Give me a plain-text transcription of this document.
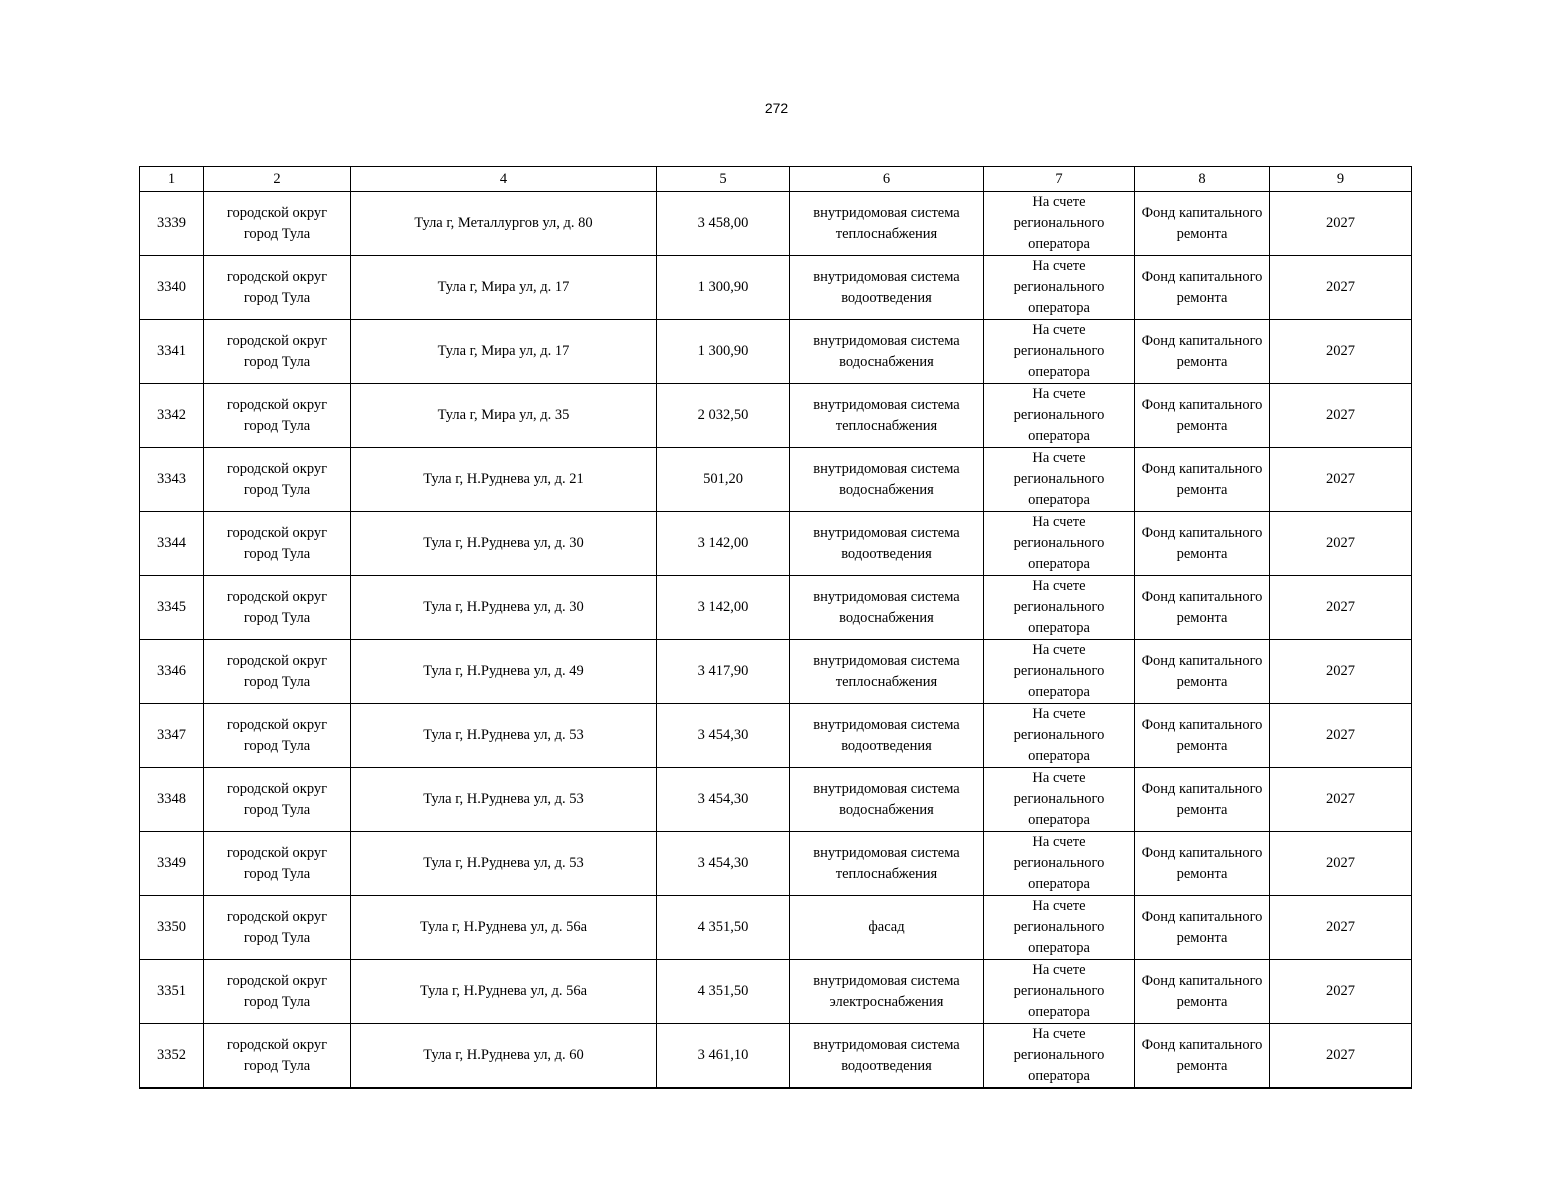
272
1	2	4	5	6	7	8	9
3339	городской округ город Тула	Тула г, Металлургов ул, д. 80	3 458,00	внутридомовая система теплоснабжения	На счете регионального оператора	Фонд капитального ремонта	2027
3340	городской округ город Тула	Тула г, Мира ул, д. 17	1 300,90	внутридомовая система водоотведения	На счете регионального оператора	Фонд капитального ремонта	2027
3341	городской округ город Тула	Тула г, Мира ул, д. 17	1 300,90	внутридомовая система водоснабжения	На счете регионального оператора	Фонд капитального ремонта	2027
3342	городской округ город Тула	Тула г, Мира ул, д. 35	2 032,50	внутридомовая система теплоснабжения	На счете регионального оператора	Фонд капитального ремонта	2027
3343	городской округ город Тула	Тула г, Н.Руднева ул, д. 21	501,20	внутридомовая система водоснабжения	На счете регионального оператора	Фонд капитального ремонта	2027
3344	городской округ город Тула	Тула г, Н.Руднева ул, д. 30	3 142,00	внутридомовая система водоотведения	На счете регионального оператора	Фонд капитального ремонта	2027
3345	городской округ город Тула	Тула г, Н.Руднева ул, д. 30	3 142,00	внутридомовая система водоснабжения	На счете регионального оператора	Фонд капитального ремонта	2027
3346	городской округ город Тула	Тула г, Н.Руднева ул, д. 49	3 417,90	внутридомовая система теплоснабжения	На счете регионального оператора	Фонд капитального ремонта	2027
3347	городской округ город Тула	Тула г, Н.Руднева ул, д. 53	3 454,30	внутридомовая система водоотведения	На счете регионального оператора	Фонд капитального ремонта	2027
3348	городской округ город Тула	Тула г, Н.Руднева ул, д. 53	3 454,30	внутридомовая система водоснабжения	На счете регионального оператора	Фонд капитального ремонта	2027
3349	городской округ город Тула	Тула г, Н.Руднева ул, д. 53	3 454,30	внутридомовая система теплоснабжения	На счете регионального оператора	Фонд капитального ремонта	2027
3350	городской округ город Тула	Тула г, Н.Руднева ул, д. 56а	4 351,50	фасад	На счете регионального оператора	Фонд капитального ремонта	2027
3351	городской округ город Тула	Тула г, Н.Руднева ул, д. 56а	4 351,50	внутридомовая система электроснабжения	На счете регионального оператора	Фонд капитального ремонта	2027
3352	городской округ город Тула	Тула г, Н.Руднева ул, д. 60	3 461,10	внутридомовая система водоотведения	На счете регионального оператора	Фонд капитального ремонта	2027
